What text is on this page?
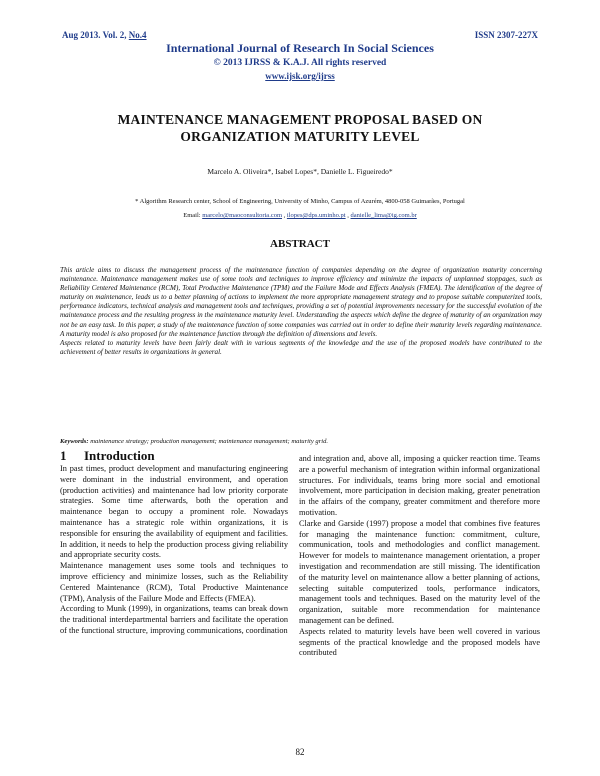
Aug 2013. Vol. 2, No.4	ISSN 2307-227X
International Journal of Research In Social Sciences
© 2013 IJRSS & K.A.J. All rights reserved
www.ijsk.org/ijrss
MAINTENANCE MANAGEMENT PROPOSAL BASED ON
ORGANIZATION MATURITY LEVEL
Marcelo A. Oliveira*, Isabel Lopes*, Danielle L. Figueiredo*
* Algorithm Research center, School of Engineering, University of Minho, Campus of Azurém, 4800-058 Guimarães, Portugal
Email: marcelo@maoconsultoria.com , ilopes@dps.uminho.pt , danielle_lima@ig.com.br
ABSTRACT

This article aims to discuss the management process of the maintenance function of companies depending on the degree of organization maturity concerning maintenance. Maintenance management makes use of some tools and techniques to improve efficiency and minimize the impacts of unplanned stoppages, such as Reliability Centered Maintenance (RCM), Total Productive Maintenance (TPM) and the Failure Mode and Effects Analysis (FMEA). The identification of the degree of maturity on maintenance, leads us to a better planning of actions to implement the more appropriate management strategy and to propose suitable computerized tools, performance indicators, technical analysis and management tools and techniques, providing a set of potential improvements necessary for the successful evolution of the maintenance process and the resulting progress in the maintenance maturity level. Understanding the aspects which define the degree of maturity of an organization may not be an easy task. In this paper, a study of the maintenance function of some companies was carried out in order to define their maturity levels regarding maintenance. A maturity model is also proposed for the maintenance function through the definition of dimensions and levels.

Aspects related to maturity levels have been fairly dealt with in various segments of the knowledge and the use of the proposed models have contributed to the achievement of better results in organizations in general.

Keywords: maintenance strategy; production management; maintenance management; maturity grid.
1 Introduction

In past times, product development and manufacturing engineering were dominant in the industrial environment, and operation (production activities) and maintenance had low priority corporate strategies. Some time afterwards, both the operation and maintenance began to occupy a prominent role. Nowadays maintenance has a strategic role within organizations, it is responsible for ensuring the availability of equipment and facilities. In addition, it needs to help the production process giving reliability and appropriate security costs.

Maintenance management uses some tools and techniques to improve efficiency and minimize losses, such as the Reliability Centered Maintenance (RCM), Total Productive Maintenance (TPM), Analysis of the Failure Mode and Effects (FMEA).

According to Munk (1999), in organizations, teams can break down the traditional interdepartmental barriers and facilitate the operation of the functional structure, improving communications, coordination

and integration and, above all, imposing a quicker reaction time. Teams are a powerful mechanism of integration within informal organizational structures. For individuals, teams bring more social and emotional involvement, more participation in decision making, greater penetration in the affairs of the company, greater commitment and therefore more motivation.

Clarke and Garside (1997) propose a model that combines five features for managing the maintenance function: commitment, culture, communication, tools and methodologies and conflict management. However for models to maintenance management orientation, a proper investigation and recommendation are still missing. The identification of the maturity level on maintenance allow a better planning of actions, selecting suitable computerized tools, performance indicators, management tools and techniques. Based on the maturity level of the organization, suitable more recommendation for maintenance management can be defined.

Aspects related to maturity levels have been well covered in various segments of the practical knowledge and the proposed models have contributed

82
